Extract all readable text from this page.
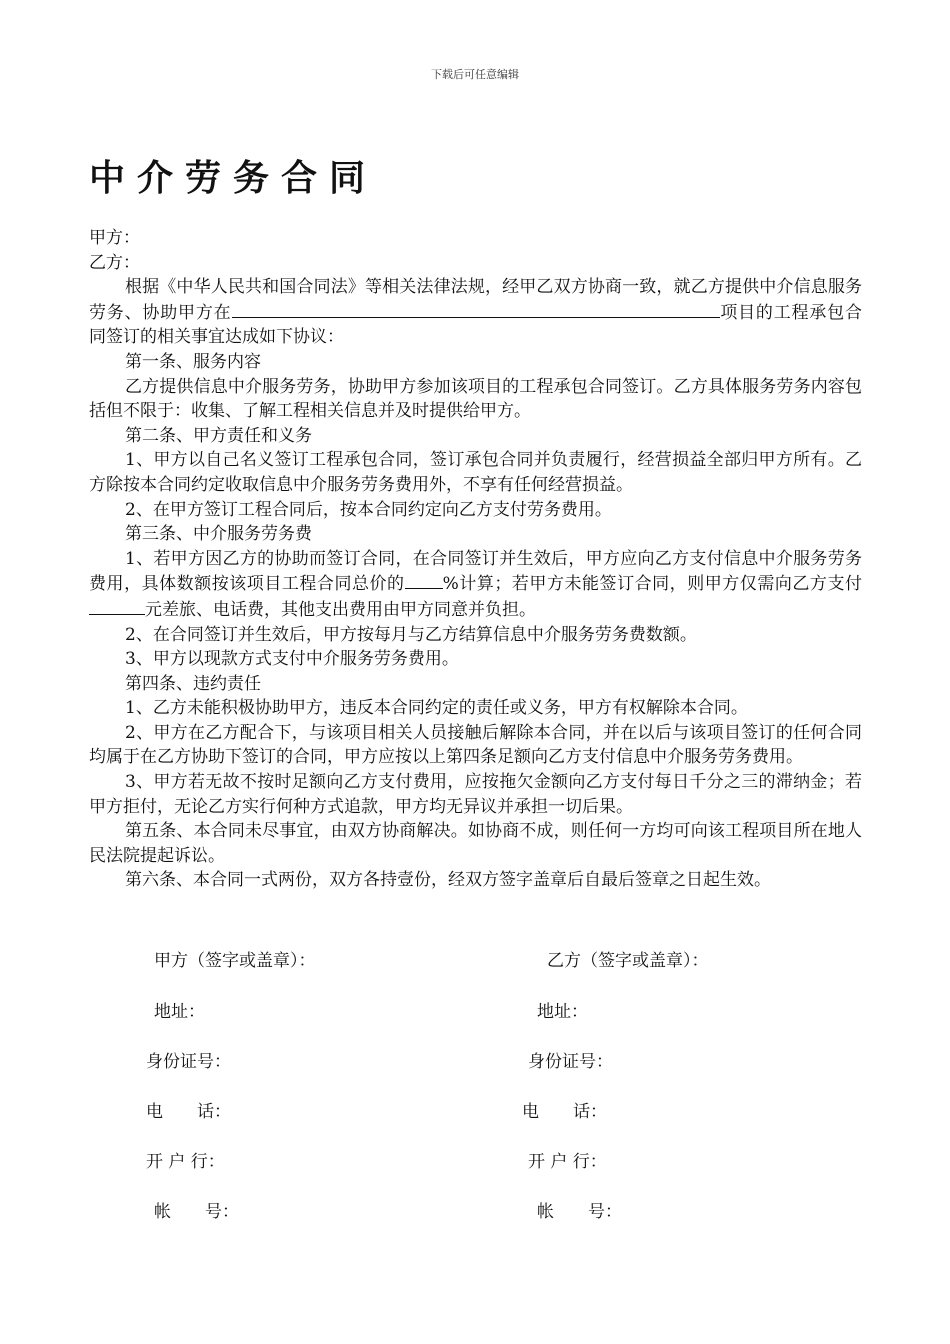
下载后可任意编辑
中介劳务合同

甲方：

乙方：

根据《中华人民共和国合同法》等相关法律法规，经甲乙双方协商一致，就乙方提供中介信息服务劳务、协助甲方在	项目的工程承包合同签订的相关事宜达成如下协议：

第一条、服务内容

乙方提供信息中介服务劳务，协助甲方参加该项目的工程承包合同签订。乙方具体服务劳务内容包括但不限于：收集、了解工程相关信息并及时提供给甲方。

第二条、甲方责任和义务

1、甲方以自己名义签订工程承包合同，签订承包合同并负责履行，经营损益全部归甲方所有。乙方除按本合同约定收取信息中介服务劳务费用外，不享有任何经营损益。

2、在甲方签订工程合同后，按本合同约定向乙方支付劳务费用。

第三条、中介服务劳务费

1、若甲方因乙方的协助而签订合同，在合同签订并生效后，甲方应向乙方支付信息中介服务劳务费用，具体数额按该项目工程合同总价的 %计算；若甲方未能签订合同，则甲方仅需向乙方支付元差旅、电话费，其他支出费用由甲方同意并负担。

2、在合同签订并生效后，甲方按每月与乙方结算信息中介服务劳务费数额。

3、甲方以现款方式支付中介服务劳务费用。

第四条、违约责任

1、乙方未能积极协助甲方，违反本合同约定的责任或义务，甲方有权解除本合同。

2、甲方在乙方配合下，与该项目相关人员接触后解除本合同，并在以后与该项目签订的任何合同均属于在乙方协助下签订的合同，甲方应按以上第四条足额向乙方支付信息中介服务劳务费用。

3、甲方若无故不按时足额向乙方支付费用，应按拖欠金额向乙方支付每日千分之三的滞纳金；若甲方拒付，无论乙方实行何种方式追款，甲方均无异议并承担一切后果。

第五条、本合同未尽事宜，由双方协商解决。如协商不成，则任何一方均可向该工程项目所在地人民法院提起诉讼。

第六条、本合同一式两份，双方各持壹份，经双方签字盖章后自最后签章之日起生效。

甲方（签字或盖章）：	乙方（签字或盖章）：
地址：	地址：
身份证号：	身份证号：
电　　话：	电　　话：
开 户 行：	开 户 行：
帐　　号：	帐　　号：
